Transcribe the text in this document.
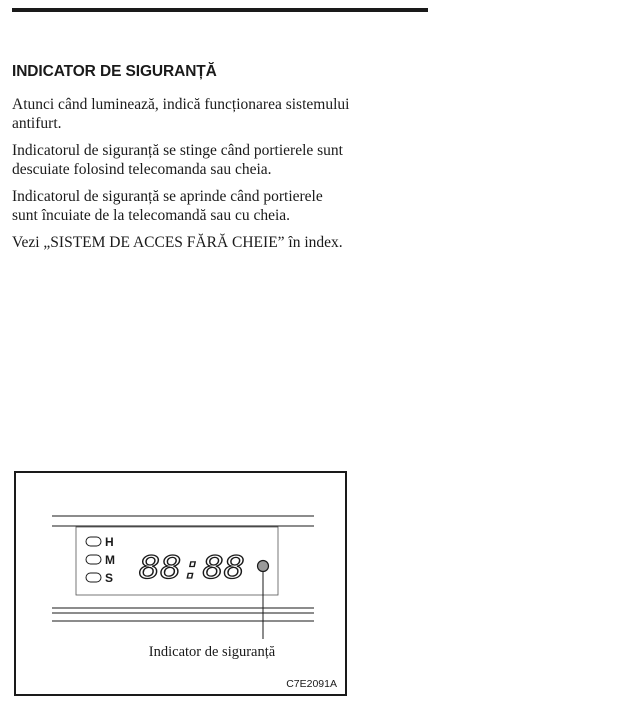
INDICATOR DE SIGURANȚĂ

Atunci când luminează, indică funcționarea sistemului antifurt.

Indicatorul de siguranță se stinge când portierele sunt descuiate folosind telecomanda sau cheia.

Indicatorul de siguranță se aprinde când portierele sunt încuiate de la telecomandă sau cu cheia.

Vezi „SISTEM DE ACCES FĂRĂ CHEIE” în index.

H
M
S 88:88
Indicator de siguranță
C7E2091A
